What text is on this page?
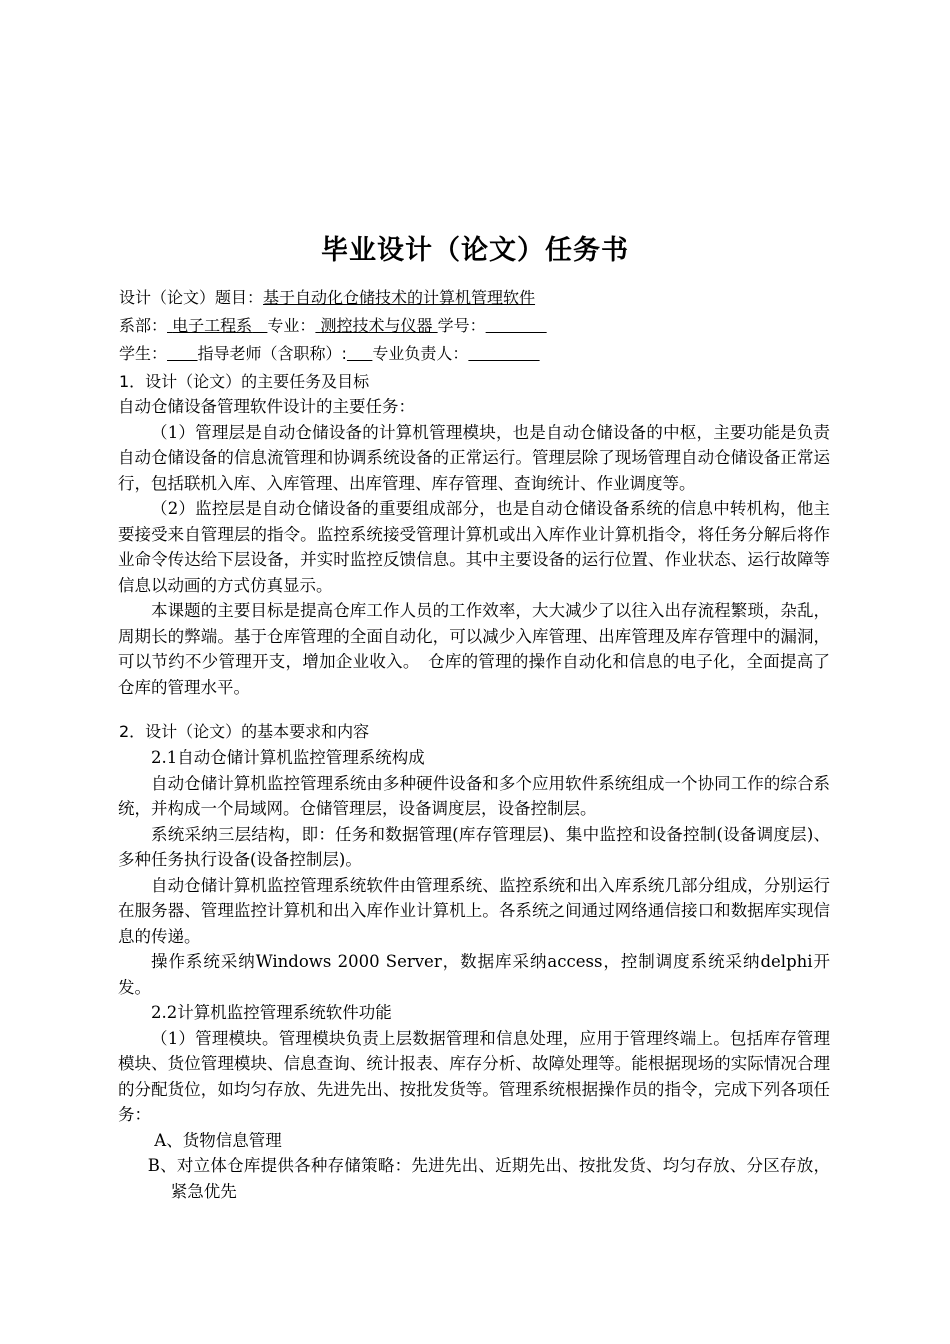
毕业设计（论文）任务书
设计（论文）题目：基于自动化仓储技术的计算机管理软件
系部： 电子工程系 专业： 测控技术与仪器 学号：
学生： 指导老师（含职称）: 专业负责人：
1．设计（论文）的主要任务及目标

自动仓储设备管理软件设计的主要任务：

（1）管理层是自动仓储设备的计算机管理模块，也是自动仓储设备的中枢，主要功能是负责自动仓储设备的信息流管理和协调系统设备的正常运行。管理层除了现场管理自动仓储设备正常运行，包括联机入库、入库管理、出库管理、库存管理、查询统计、作业调度等。

（2）监控层是自动仓储设备的重要组成部分，也是自动仓储设备系统的信息中转机构，他主要接受来自管理层的指令。监控系统接受管理计算机或出入库作业计算机指令，将任务分解后将作业命令传达给下层设备，并实时监控反馈信息。其中主要设备的运行位置、作业状态、运行故障等信息以动画的方式仿真显示。

本课题的主要目标是提高仓库工作人员的工作效率，大大减少了以往入出存流程繁琐，杂乱，周期长的弊端。基于仓库管理的全面自动化，可以减少入库管理、出库管理及库存管理中的漏洞，可以节约不少管理开支，增加企业收入。　仓库的管理的操作自动化和信息的电子化，全面提高了仓库的管理水平。

2．设计（论文）的基本要求和内容

2.1自动仓储计算机监控管理系统构成

自动仓储计算机监控管理系统由多种硬件设备和多个应用软件系统组成一个协同工作的综合系统，并构成一个局域网。仓储管理层，设备调度层，设备控制层。

系统采纳三层结构，即：任务和数据管理(库存管理层)、集中监控和设备控制(设备调度层)、多种任务执行设备(设备控制层)。

自动仓储计算机监控管理系统软件由管理系统、监控系统和出入库系统几部分组成，分别运行在服务器、管理监控计算机和出入库作业计算机上。各系统之间通过网络通信接口和数据库实现信息的传递。

操作系统采纳Windows 2000 Server，数据库采纳access，控制调度系统采纳delphi开发。

2.2计算机监控管理系统软件功能

（1）管理模块。管理模块负责上层数据管理和信息处理，应用于管理终端上。包括库存管理模块、货位管理模块、信息查询、统计报表、库存分析、故障处理等。能根据现场的实际情况合理的分配货位，如均匀存放、先进先出、按批发货等。管理系统根据操作员的指令，完成下列各项任务：

A、货物信息管理

B、对立体仓库提供各种存储策略：先进先出、近期先出、按批发货、均匀存放、分区存放，紧急优先
